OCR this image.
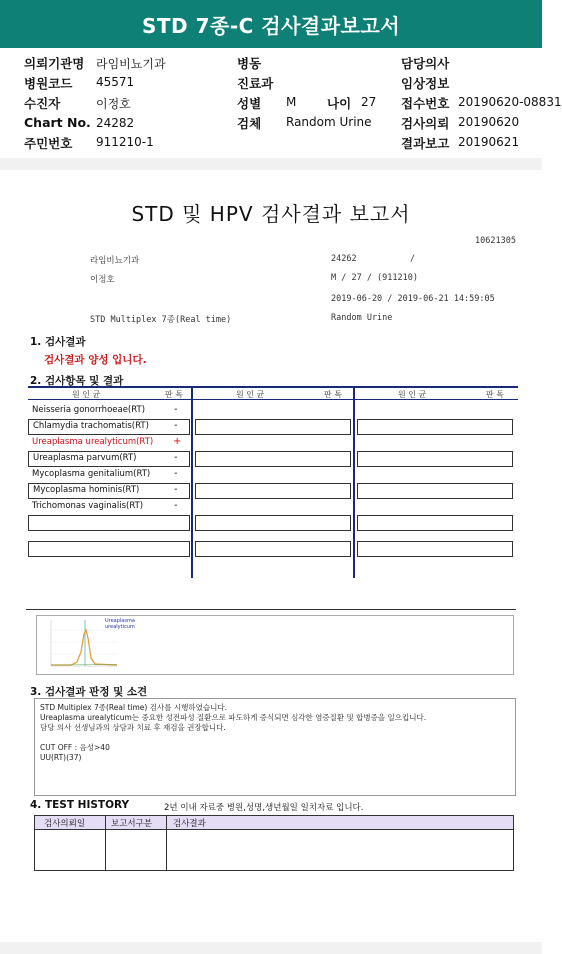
STD 7종-C 검사결과보고서
의뢰기관명 라임비뇨기과
병원코드 45571
수진자	이정호
Chart No. 24282
주민번호 911210-1
병동
진료과
성별 M 나이 27
검체 Random Urine
담당의사
임상정보
접수번호 20190620-08831
검사의뢰 20190620
결과보고 20190621
STD 및 HPV 검사결과 보고서
10621305
라임비뇨기과	24262	/
이정호	M / 27 / (911210)
2019-06-20 / 2019-06-21 14:59:05
STD Multiplex 7종(Real time)	Random Urine
1. 검사결과
검사결과 양성 입니다.
2. 검사항목 및 결과
원 인 균	판 독	원 인 균	판 독	원 인 균	판 독
Neisseria gonorrhoeae(RT)	-
Chlamydia trachomatis(RT)	-
Ureaplasma urealyticum(RT) +
Ureaplasma parvum(RT)	-
Mycoplasma genitalium(RT) -
Mycoplasma hominis(RT)	-
Trichomonas vaginalis(RT)	-
Ureaplasma urealyticum
3. 검사결과 판정 및 소견
STD Multiplex 7종(Real time) 검사를 시행하였습니다.
Ureaplasma urealyticum는 중요한 성전파성 질환으로 파도하게 증식되면 심각한 염증질환 및 합병증을 일으킵니다.
담당 의사 선생님과의 상담과 치료 후 재검을 권장합니다.

CUT OFF : 음성>40
UU(RT)(37)
4. TEST HISTORY	2년 이내 자료중 병원,성명,생년월일 일치자료 입니다.
검사의뢰일	보고서구분 검사결과
